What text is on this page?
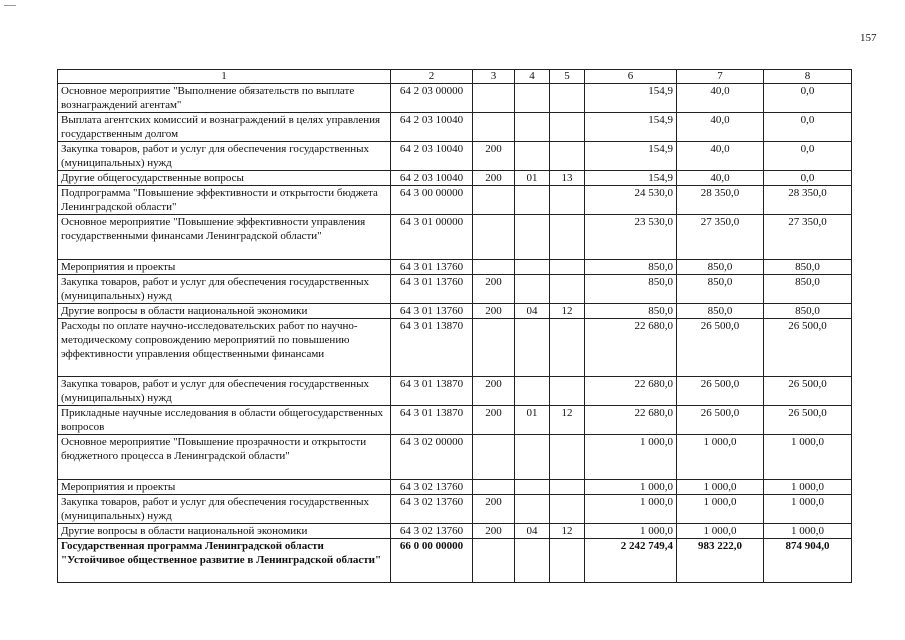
157
1	2	3	4	5	6	7	8
Основное мероприятие "Выполнение обязательств по выплате вознаграждений агентам"	64 2 03 00000				154,9	40,0	0,0
Выплата агентских комиссий и вознаграждений в целях управления государственным долгом	64 2 03 10040				154,9	40,0	0,0
Закупка товаров, работ и услуг для обеспечения государственных (муниципальных) нужд	64 2 03 10040	200			154,9	40,0	0,0
Другие общегосударственные вопросы	64 2 03 10040	200	01	13	154,9	40,0	0,0
Подпрограмма "Повышение эффективности и открытости бюджета Ленинградской области"	64 3 00 00000				24 530,0	28 350,0	28 350,0
Основное мероприятие "Повышение эффективности управления государственными финансами Ленинградской области"	64 3 01 00000				23 530,0	27 350,0	27 350,0
Мероприятия и проекты	64 3 01 13760				850,0	850,0	850,0
Закупка товаров, работ и услуг для обеспечения государственных (муниципальных) нужд	64 3 01 13760	200			850,0	850,0	850,0
Другие вопросы в области национальной экономики	64 3 01 13760	200	04	12	850,0	850,0	850,0
Расходы по оплате научно-исследовательских работ по научно-методическому сопровождению мероприятий по повышению эффективности управления общественными финансами	64 3 01 13870				22 680,0	26 500,0	26 500,0
Закупка товаров, работ и услуг для обеспечения государственных (муниципальных) нужд	64 3 01 13870	200			22 680,0	26 500,0	26 500,0
Прикладные научные исследования в области общегосударственных вопросов	64 3 01 13870	200	01	12	22 680,0	26 500,0	26 500,0
Основное мероприятие "Повышение прозрачности и открытости бюджетного процесса в Ленинградской области"	64 3 02 00000				1 000,0	1 000,0	1 000,0
Мероприятия и проекты	64 3 02 13760				1 000,0	1 000,0	1 000,0
Закупка товаров, работ и услуг для обеспечения государственных (муниципальных) нужд	64 3 02 13760	200			1 000,0	1 000,0	1 000,0
Другие вопросы в области национальной экономики	64 3 02 13760	200	04	12	1 000,0	1 000,0	1 000,0
Государственная программа Ленинградской области "Устойчивое общественное развитие в Ленинградской области"	66 0 00 00000				2 242 749,4	983 222,0	874 904,0
